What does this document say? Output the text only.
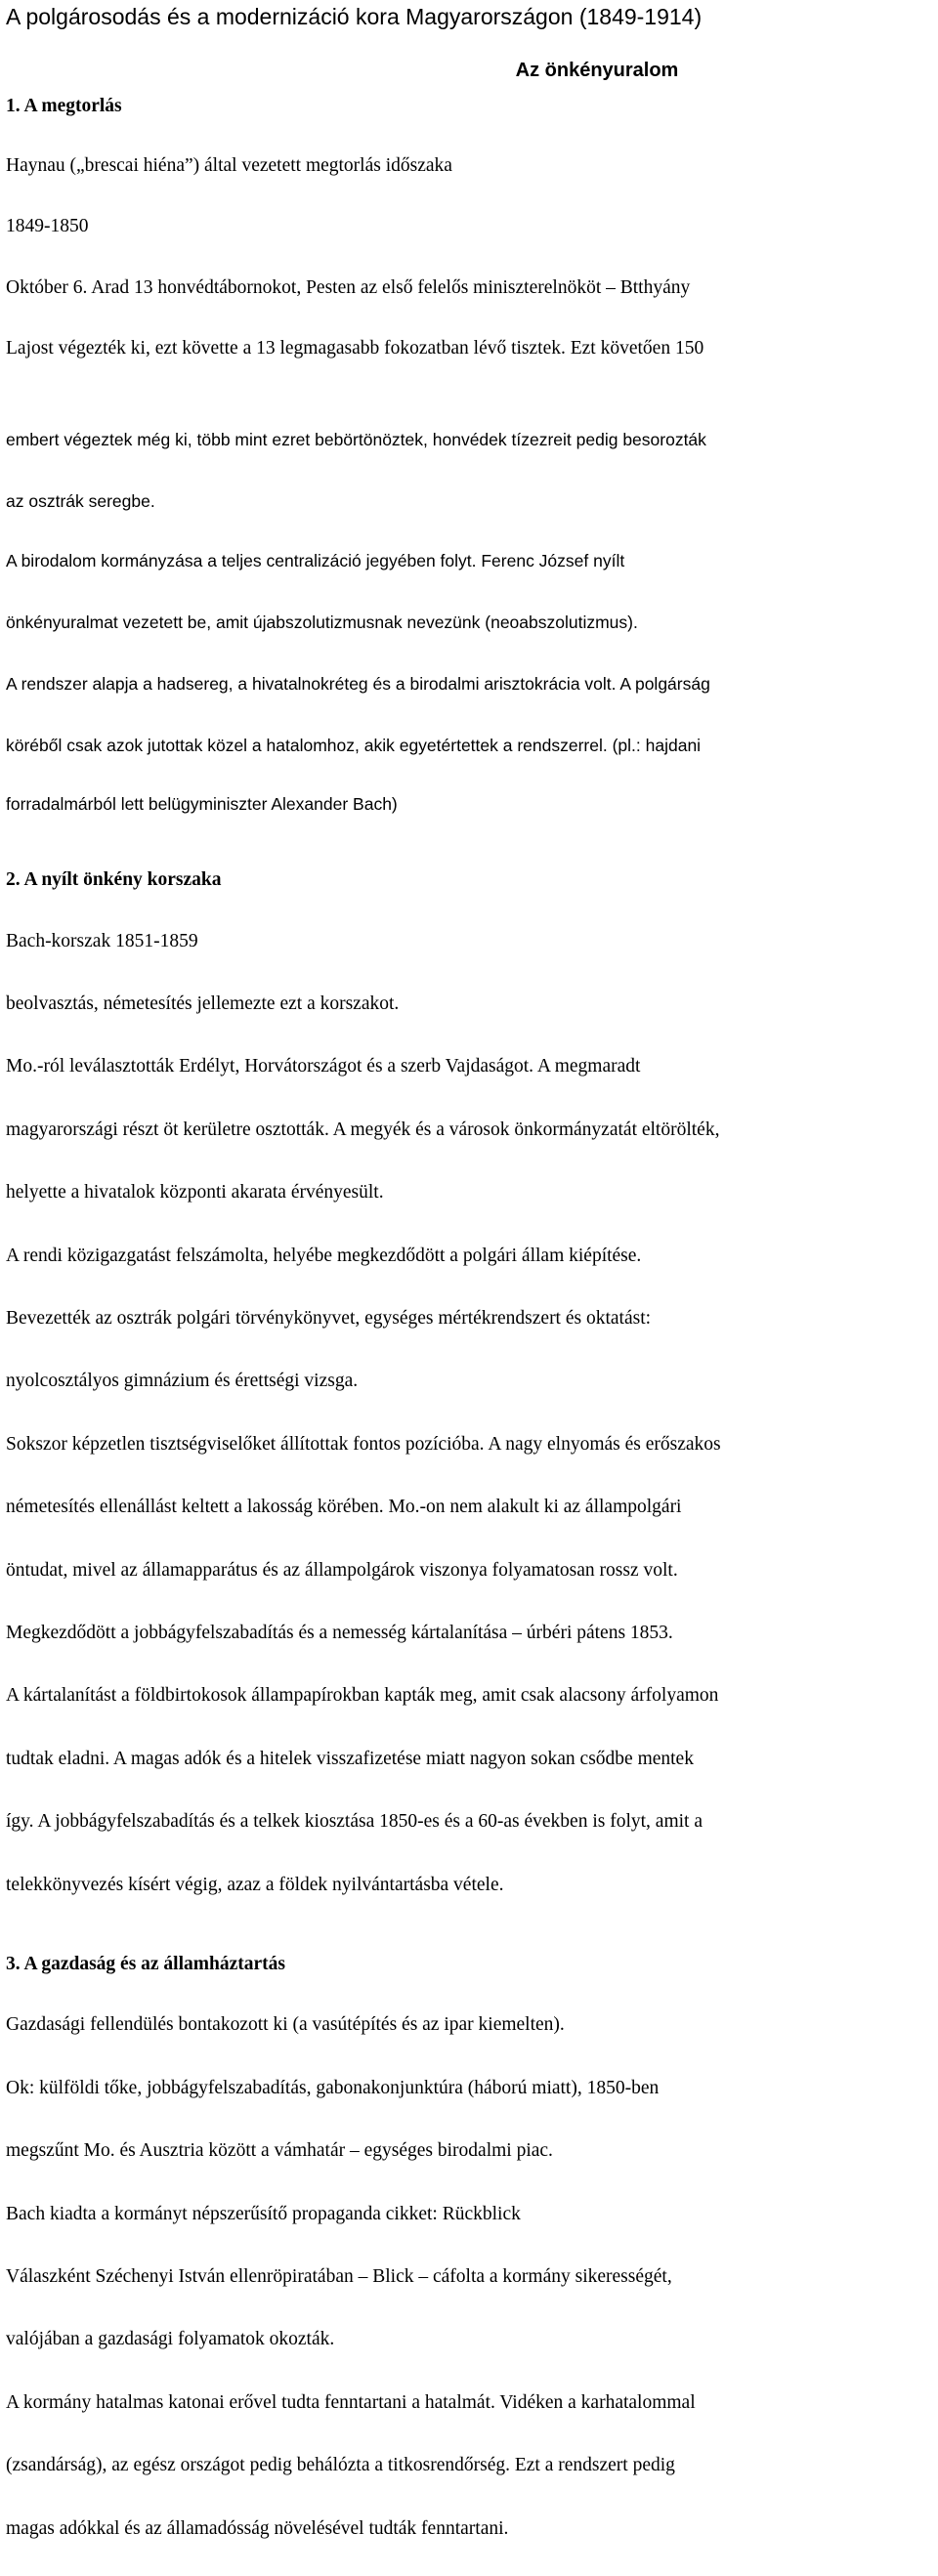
A polgárosodás és a modernizáció kora Magyarországon (1849-1914)
Az önkényuralom
1. A megtorlás

Haynau („brescai hiéna”) által vezetett megtorlás időszaka

1849-1850

Október 6. Arad 13 honvédtábornokot, Pesten az első felelős miniszterelnököt – Btthyány

Lajost végezték ki, ezt követte a 13 legmagasabb fokozatban lévő tisztek. Ezt követően 150

embert végeztek még ki, több mint ezret bebörtönöztek, honvédek tízezreit pedig besorozták

az osztrák seregbe.

A birodalom kormányzása a teljes centralizáció jegyében folyt. Ferenc József nyílt

önkényuralmat vezetett be, amit újabszolutizmusnak nevezünk (neoabszolutizmus).

A rendszer alapja a hadsereg, a hivatalnokréteg és a birodalmi arisztokrácia volt. A polgárság

köréből csak azok jutottak közel a hatalomhoz, akik egyetértettek a rendszerrel. (pl.: hajdani

forradalmárból lett belügyminiszter Alexander Bach)

2. A nyílt önkény korszaka

Bach-korszak 1851-1859

beolvasztás, németesítés jellemezte ezt a korszakot.

Mo.-ról leválasztották Erdélyt, Horvátországot és a szerb Vajdaságot. A megmaradt

magyarországi részt öt kerületre osztották. A megyék és a városok önkormányzatát eltörölték,

helyette a hivatalok központi akarata érvényesült.

A rendi közigazgatást felszámolta, helyébe megkezdődött a polgári állam kiépítése.

Bevezették az osztrák polgári törvénykönyvet, egységes mértékrendszert és oktatást:

nyolcosztályos gimnázium és érettségi vizsga.

Sokszor képzetlen tisztségviselőket állítottak fontos pozícióba. A nagy elnyomás és erőszakos

németesítés ellenállást keltett a lakosság körében. Mo.-on nem alakult ki az állampolgári

öntudat, mivel az államapparátus és az állampolgárok viszonya folyamatosan rossz volt.

Megkezdődött a jobbágyfelszabadítás és a nemesség kártalanítása – úrbéri pátens 1853.

A kártalanítást a földbirtokosok állampapírokban kapták meg, amit csak alacsony árfolyamon

tudtak eladni. A magas adók és a hitelek visszafizetése miatt nagyon sokan csődbe mentek

így. A jobbágyfelszabadítás és a telkek kiosztása 1850-es és a 60-as években is folyt, amit a

telekkönyvezés kísért végig, azaz a földek nyilvántartásba vétele.

3. A gazdaság és az államháztartás

Gazdasági fellendülés bontakozott ki (a vasútépítés és az ipar kiemelten).

Ok: külföldi tőke, jobbágyfelszabadítás, gabonakonjunktúra (háború miatt), 1850-ben

megszűnt Mo. és Ausztria között a vámhatár – egységes birodalmi piac.

Bach kiadta a kormányt népszerűsítő propaganda cikket: Rückblick

Válaszként Széchenyi István ellenröpiratában – Blick – cáfolta a kormány sikerességét,

valójában a gazdasági folyamatok okozták.

A kormány hatalmas katonai erővel tudta fenntartani a hatalmát. Vidéken a karhatalommal

(zsandárság), az egész országot pedig behálózta a titkosrendőrség. Ezt a rendszert pedig

magas adókkal és az államadósság növelésével tudták fenntartani.
